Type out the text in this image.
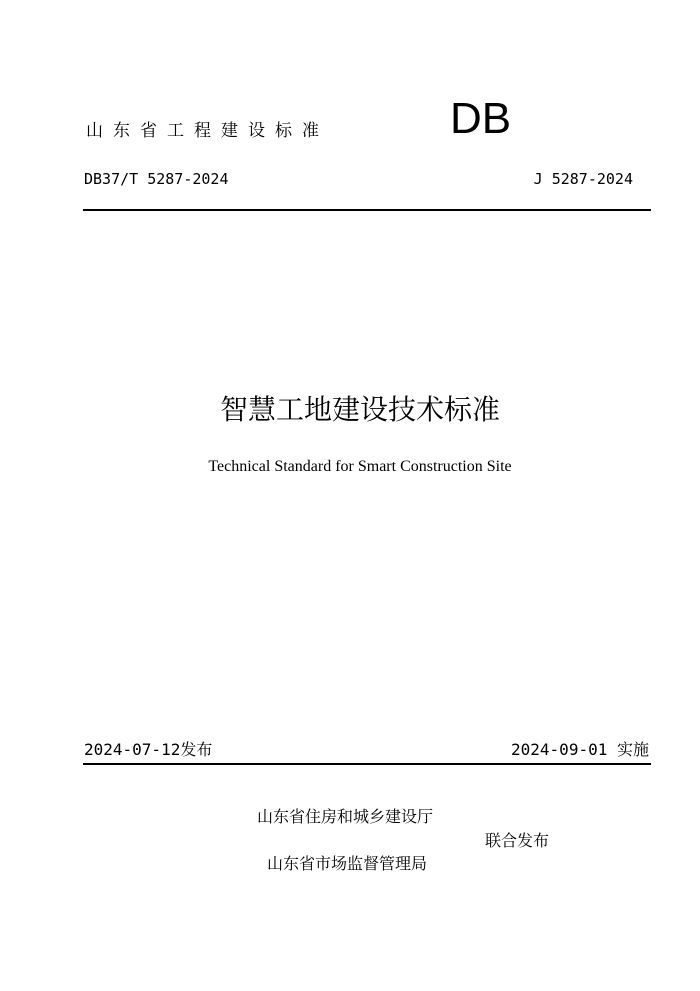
山东省工程建设标准	DB
DB37/T 5287-2024	J 5287-2024
智慧工地建设技术标准
Technical Standard for Smart Construction Site
2024-07-12发布	2024-09-01 实施
山东省住房和城乡建设厅
联合发布
山东省市场监督管理局
